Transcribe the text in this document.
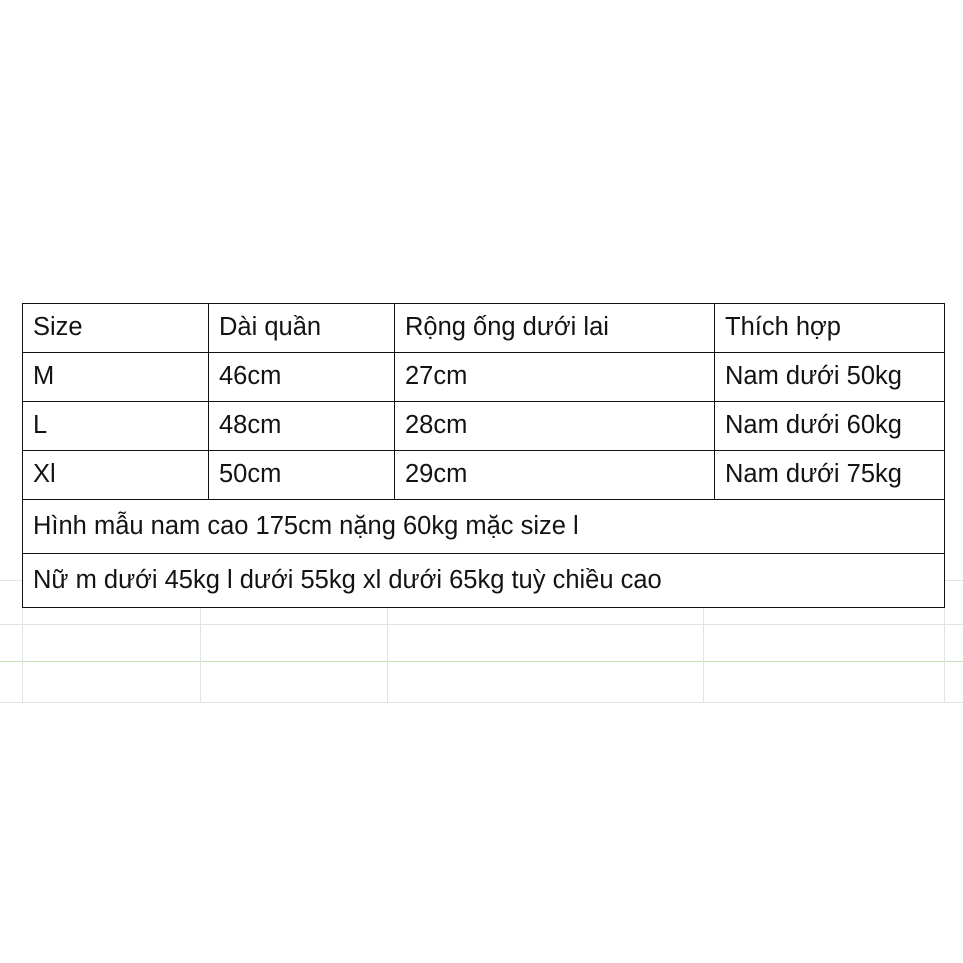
Size	Dài quần	Rộng ống dưới lai	Thích hợp
M	46cm	27cm	Nam dưới 50kg
L	48cm	28cm	Nam dưới 60kg
Xl	50cm	29cm	Nam dưới 75kg
Hình mẫu nam cao 175cm nặng 60kg mặc size l			
Nữ m dưới 45kg l dưới 55kg xl dưới 65kg tuỳ chiều cao			
